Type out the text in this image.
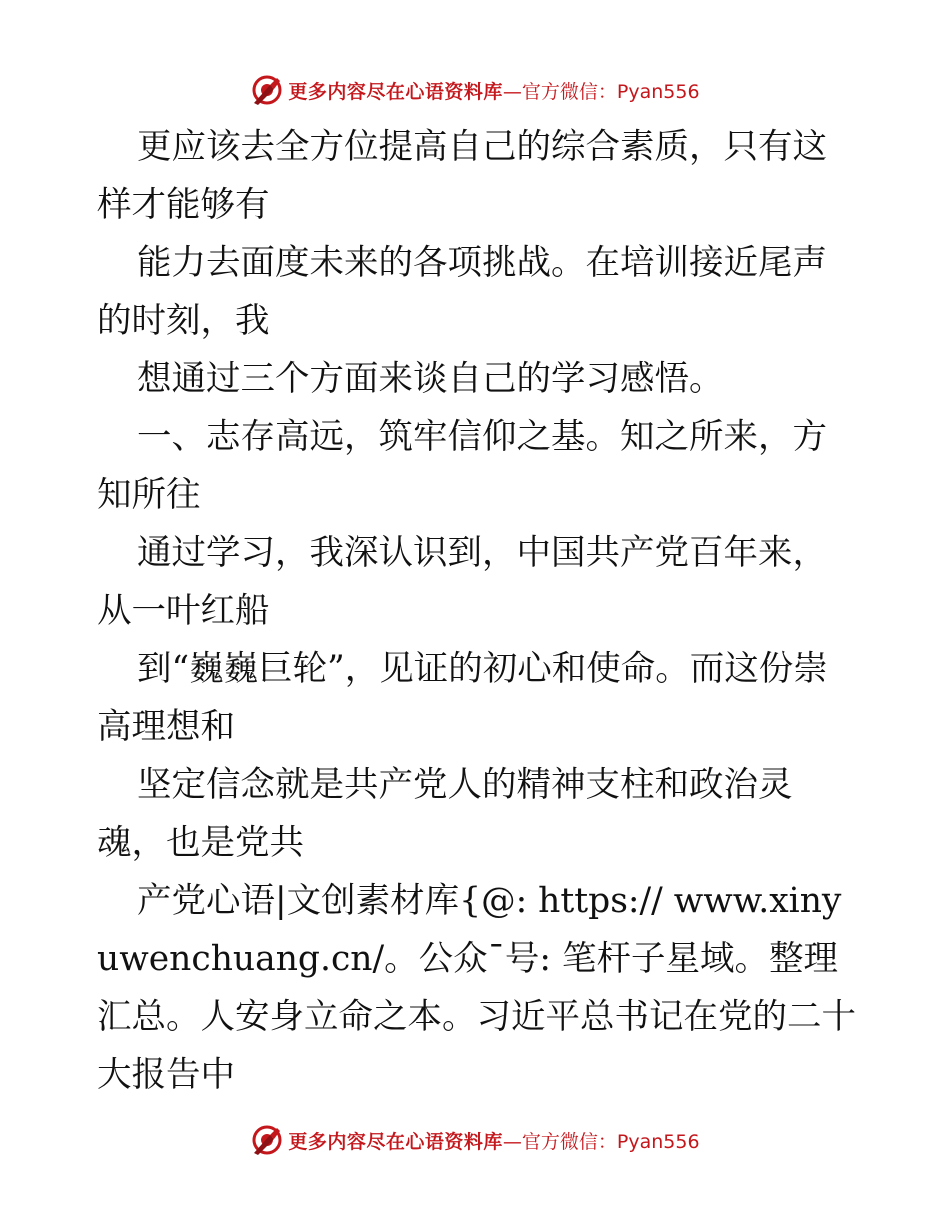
更多内容尽在心语资料库 —官方微信：Pyan556

更应该去全方位提高自己的综合素质，只有这样才能够有

能力去面度未来的各项挑战。在培训接近尾声的时刻，我

想通过三个方面来谈自己的学习感悟。

一、志存高远，筑牢信仰之基。知之所来，方知所往

通过学习，我深认识到，中国共产党百年来，从一叶红船

到“巍巍巨轮”，见证的初心和使命。而这份崇高理想和

坚定信念就是共产党人的精神支柱和政治灵魂，也是党共

产党心语|文创素材库{@: https:// www.xinyuwenchuang.cn/。公众¯号: 笔杆子星域。整理汇总。人安身立命之本。习近平总书记在党的二十大报告中

更多内容尽在心语资料库 —官方微信：Pyan556
